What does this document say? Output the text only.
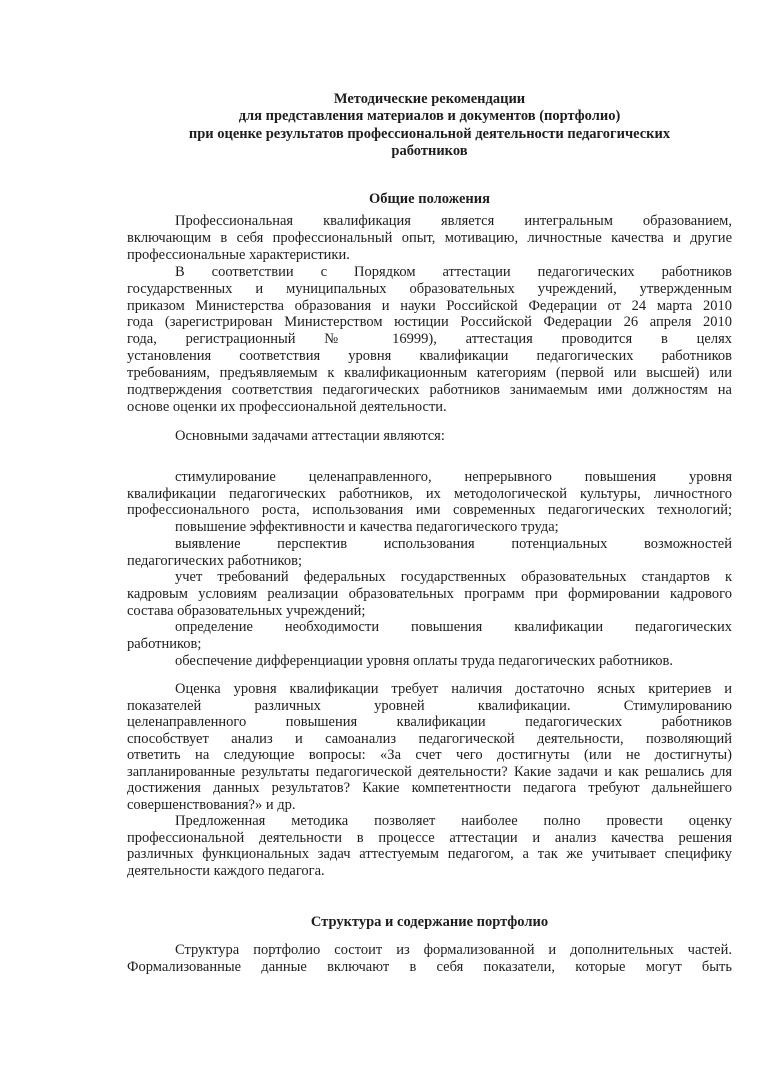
Методические рекомендации
для представления материалов и документов (портфолио)
при оценке результатов профессиональной деятельности педагогических
работников
Общие положения
Профессиональная квалификация является интегральным образованием,
включающим в себя профессиональный опыт, мотивацию, личностные качества и другие
профессиональные характеристики.
В соответствии с Порядком аттестации педагогических работников
государственных и муниципальных образовательных учреждений, утвержденным
приказом Министерства образования и науки Российской Федерации от 24 марта 2010
года (зарегистрирован Министерством юстиции Российской Федерации 26 апреля 2010
года, регистрационный № 16999), аттестация проводится в целях
установления соответствия уровня квалификации педагогических работников
требованиям, предъявляемым к квалификационным категориям (первой или высшей) или
подтверждения соответствия педагогических работников занимаемым ими должностям на
основе оценки их профессиональной деятельности.
Основными задачами аттестации являются:
стимулирование целенаправленного, непрерывного повышения уровня
квалификации педагогических работников, их методологической культуры, личностного
профессионального роста, использования ими современных педагогических технологий;
повышение эффективности и качества педагогического труда;
выявление перспектив использования потенциальных возможностей
педагогических работников;
учет требований федеральных государственных образовательных стандартов к
кадровым условиям реализации образовательных программ при формировании кадрового
состава образовательных учреждений;
определение необходимости повышения квалификации педагогических
работников;
обеспечение дифференциации уровня оплаты труда педагогических работников.
Оценка уровня квалификации требует наличия достаточно ясных критериев и
показателей различных уровней квалификации. Стимулированию
целенаправленного повышения квалификации педагогических работников
способствует анализ и самоанализ педагогической деятельности, позволяющий
ответить на следующие вопросы: «За счет чего достигнуты (или не достигнуты)
запланированные результаты педагогической деятельности? Какие задачи и как решались для
достижения данных результатов? Какие компетентности педагога требуют дальнейшего
совершенствования?» и др.
Предложенная методика позволяет наиболее полно провести оценку
профессиональной деятельности в процессе аттестации и анализ качества решения
различных функциональных задач аттестуемым педагогом, а так же учитывает специфику
деятельности каждого педагога.
Структура и содержание портфолио
Структура портфолио состоит из формализованной и дополнительных частей.
Формализованные данные включают в себя показатели, которые могут быть
